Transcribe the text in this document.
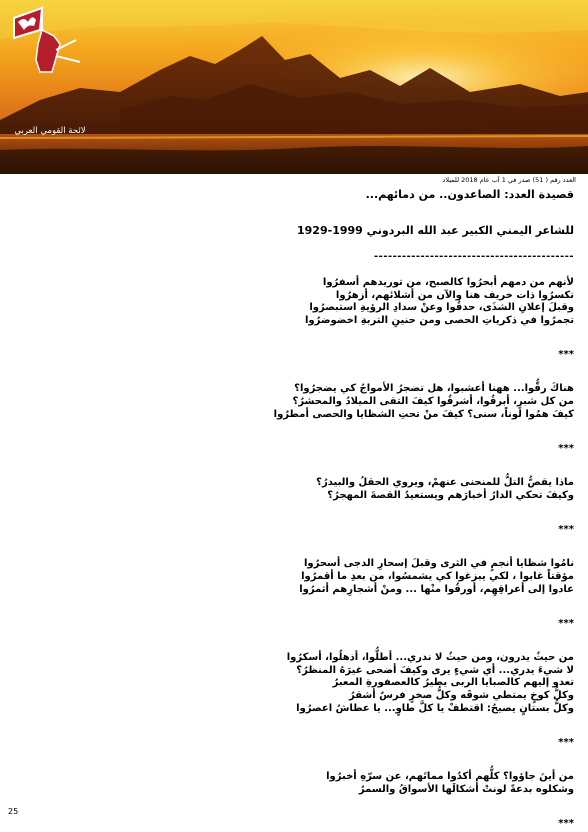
لائحة القومي العربي
العدد رقم ( 51) صدر في 1 آب عام 2018 للميلاد

قصيدة العدد: الصاعدون.. من دمائهم...

للشاعر اليمني الكبير عبد الله البردوني 1999-1929

-------------------------------------------

لأنهم من دمهم أبحرُوا كالصبح، من توريدهم أسفرُوا
تكسرُوا ذات خريف هنا والآن من أشلائهم، أزهرُوا
وقبلَ إعلانِ الشذَى، حدقُوا وعنْ سدادِ الرؤيةِ استبصرُوا
تجمرُوا في ذكرياتِ الحصى ومن حنينِ التربةِ اخضوضرُوا
***
هناكَ رقُّوا... ههنا أعشبوا، هل تضجرُ الأمواجُ كي يضجرُوا؟
من كل شبرٍ، أبرقُوا، أشرقُوا كيفَ التقى الميلادُ والمحشرُ؟
كيفَ همُوا لوناً، سنى؟ كيفَ منْ تحتِ الشظايا والحصى أمطرُوا
***
ماذا يقصُّ التلُّ للمنحنى عنهمْ، ويروي الحقلُ والبيدرُ؟
وكيفَ تحكي الدارُ أخبارَهم ويستعيدُ القصةَ المهجرُ؟
***
نامُوا شظايا أنجمٍ في الثرى وقبلَ إسحارِ الدجى أسحرُوا
مؤقتاً غابوا ، لكي يبزغوا كي يشمسُوا، من بعدِ ما أقمرُوا
عادوا إلى أعراقِهِم، أورقُوا منْها ... ومنْ أشجارِهم أثمرُوا
***
من حيثُ يدرون، ومن حيثُ لا ندري... أطلُّوا، أذهلُوا، أسكرُوا
لا شيءَ يدري... أي شيءٍ يرى وكيفَ أضحى غيرَهُ المنظرُ؟
تعدو إليهم كالصبايا الربى يطيرُ كالعصفورةِ المعبرُ
وكلُّ كوخٍ يمتطي شوقَه وكلُّ صخرٍ فرسٌ أشقرُ
وكلُّ بستانٍ يصيحُ: اقتطفْ يا كلَّ طاوٍ... يا عطاشُ اعصرُوا
***
من أينَ جاؤوا؟ كلُّهم أكدُوا مماتَهم، عن سرّهِ أخبرُوا
وشكلوه بدعةً لونتْ أشكالَها الأسواقُ والسمرُ
***
25
